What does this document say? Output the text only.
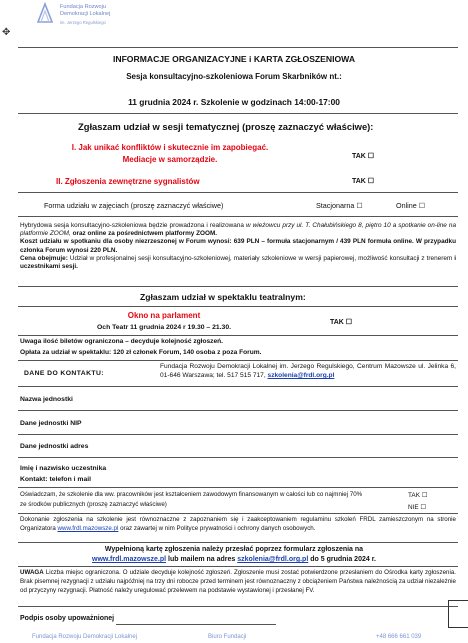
Fundacja Rozwoju
Demokracji Lokalnej
im. Jerzego Regulskiego
✥
INFORMACJE ORGANIZACYJNE i KARTA ZGŁOSZENIOWA
Sesja konsultacyjno-szkoleniowa Forum Skarbników nt.:
11 grudnia 2024 r. Szkolenie w godzinach 14:00-17:00
Zgłaszam udział w sesji tematycznej (proszę zaznaczyć właściwe):
I. Jak unikać konfliktów i skutecznie im zapobiegać.
Mediacje w samorządzie.	TAK ☐
II. Zgłoszenia zewnętrzne sygnalistów	TAK ☐
Forma udziału w zajęciach (proszę zaznaczyć właściwe)	Stacjonarna ☐	Online ☐
Hybrydowa sesja konsultacyjno-szkoleniowa będzie prowadzona i realizowana w wieżowcu przy ul. T. Chałubińskiego 8, piętro 10 a spotkanie on-line na platformie ZOOM, oraz online za pośrednictwem platformy ZOOM.
Koszt udziału w spotkaniu dla osoby niezrzeszonej w Forum wynosi: 639 PLN – formuła stacjonarnym / 439 PLN formuła online. W przypadku członka Forum wynosi 220 PLN.
Cena obejmuje: Udział w profesjonalnej sesji konsultacyjno-szkoleniowej, materiały szkoleniowe w wersji papierowej, możliwość konsultacji z trenerem i uczestnikami sesji.
Zgłaszam udział w spektaklu teatralnym:
Okno na parlament
Och Teatr 11 grudnia 2024 r 19.30 – 21.30.
TAK ☐
Uwaga ilość biletów ograniczona – decyduje kolejność zgłoszeń.
Opłata za udział w spektaklu: 120 zł członek Forum, 140 osoba z poza Forum.
DANE DO KONTAKTU:
Fundacja Rozwoju Demokracji Lokalnej im. Jerzego Regulskiego, Centrum Mazowsze ul. Jelinka 6, 01-646 Warszawa; tel. 517 515 717, szkolenia@frdl.org.pl
Nazwa jednostki
Dane jednostki NIP
Dane jednostki adres
Imię i nazwisko uczestnika
Kontakt: telefon i mail
Oświadczam, że szkolenie dla ww. pracowników jest kształceniem zawodowym finansowanym w całości lub co najmniej 70% ze środków publicznych (proszę zaznaczyć właściwe)
TAK ☐
NIE ☐
Dokonanie zgłoszenia na szkolenie jest równoznaczne z zapoznaniem się i zaakceptowaniem regulaminu szkoleń FRDL zamieszczonym na stronie Organizatora www.frdl.mazowsze.pl oraz zawartej w nim Polityce prywatności i ochrony danych osobowych.
Wypełnioną kartę zgłoszenia należy przesłać poprzez formularz zgłoszenia na
www.frdl.mazowsze.pl lub mailem na adres szkolenia@frdl.org.pl do 5 grudnia 2024 r.
UWAGA Liczba miejsc ograniczona. O udziale decyduje kolejność zgłoszeń. Zgłoszenie musi zostać potwierdzone przesłaniem do Ośrodka karty zgłoszenia. Brak pisemnej rezygnacji z udziału najpóźniej na trzy dni robocze przed terminem jest równoznaczny z obciążeniem Państwa należnością za udział niezależnie od przyczyny rezygnacji. Płatność należy uregulować przelewem na podstawie wystawionej i przesłanej FV.
Podpis osoby upoważnionej
Fundacja Rozwoju Demokracji Lokalnej	Biuro Fundacji	+48 666 661 039
